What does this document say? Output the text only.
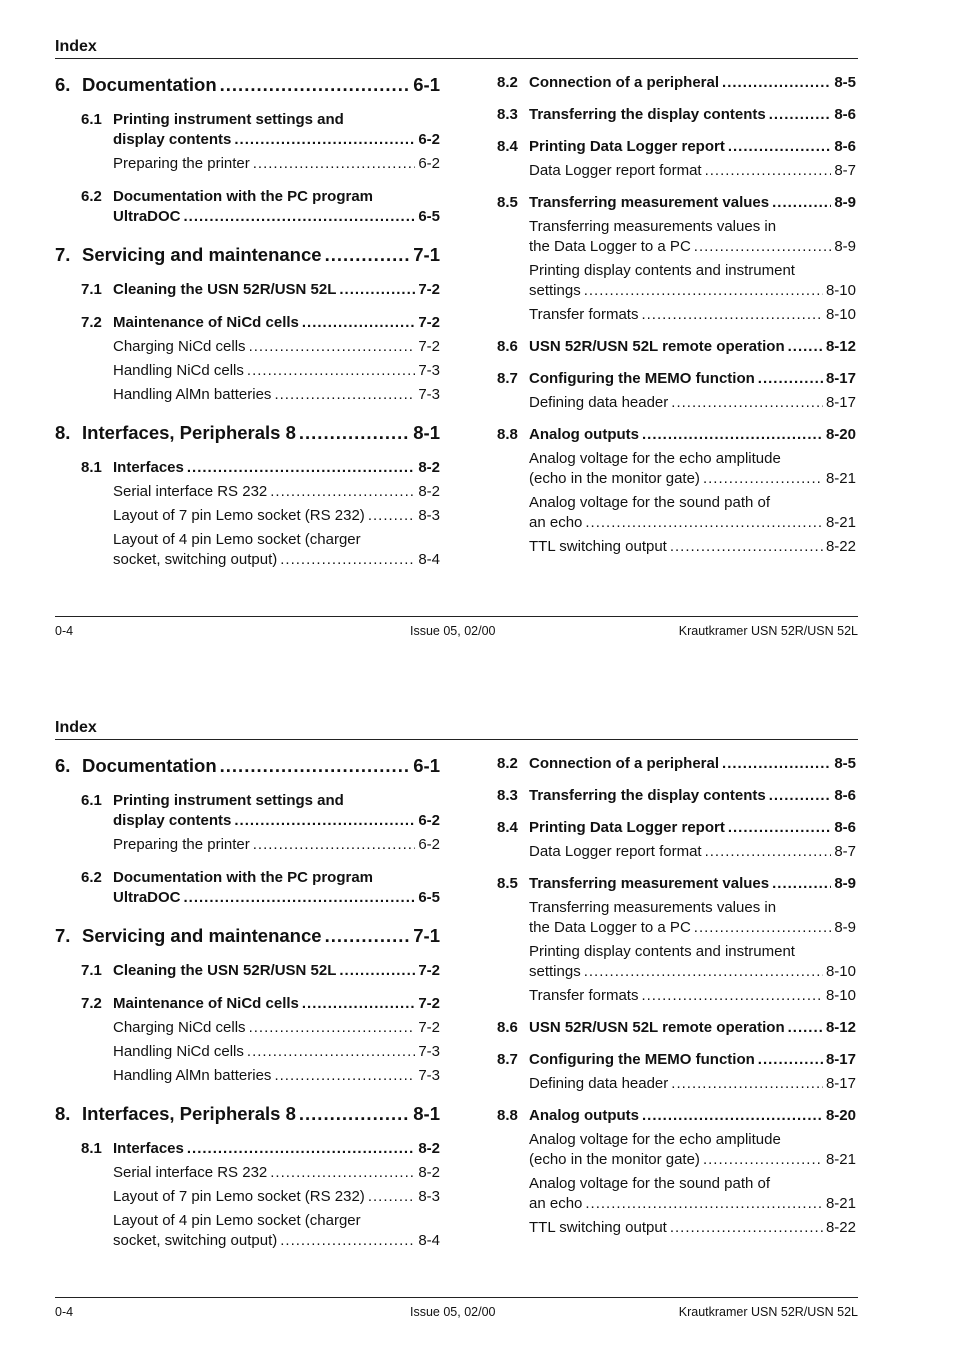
Index
6. Documentation .....	6-1
6.1 Printing instrument settings and
display contents .....	6-2
Preparing the printer .....	6-2
6.2 Documentation with the PC program
UltraDOC .....	6-5
7. Servicing and maintenance .....	7-1
7.1 Cleaning the USN 52R/USN 52L .....	7-2
7.2 Maintenance of NiCd cells .....	7-2
Charging NiCd cells .....	7-2
Handling NiCd cells .....	7-3
Handling AlMn batteries .....	7-3
8. Interfaces, Peripherals 8 .....	8-1
8.1 Interfaces .....	8-2
Serial interface RS 232 .....	8-2
Layout of 7 pin Lemo socket (RS 232) .....	8-3
Layout of 4 pin Lemo socket (charger
socket, switching output) .....	8-4
8.2 Connection of a peripheral .....	8-5
8.3 Transferring the display contents .....	8-6
8.4 Printing Data Logger report .....	8-6
Data Logger report format .....	8-7
8.5 Transferring measurement values .....	8-9
Transferring measurements values in
the Data Logger to a PC .....	8-9
Printing display contents and instrument
settings .....	8-10
Transfer formats .....	8-10
8.6 USN 52R/USN 52L remote operation .....	8-12
8.7 Configuring the MEMO function .....	8-17
Defining data header .....	8-17
8.8 Analog outputs .....	8-20
Analog voltage for the echo amplitude
(echo in the monitor gate) .....	8-21
Analog voltage for the sound path of
an echo .....	8-21
TTL switching output .....	8-22
0-4	Issue 05, 02/00	Krautkramer USN 52R/USN 52L
Index
6. Documentation .....	6-1
6.1 Printing instrument settings and
display contents .....	6-2
Preparing the printer .....	6-2
6.2 Documentation with the PC program
UltraDOC .....	6-5
7. Servicing and maintenance .....	7-1
7.1 Cleaning the USN 52R/USN 52L .....	7-2
7.2 Maintenance of NiCd cells .....	7-2
Charging NiCd cells .....	7-2
Handling NiCd cells .....	7-3
Handling AlMn batteries .....	7-3
8. Interfaces, Peripherals 8 .....	8-1
8.1 Interfaces .....	8-2
Serial interface RS 232 .....	8-2
Layout of 7 pin Lemo socket (RS 232) .....	8-3
Layout of 4 pin Lemo socket (charger
socket, switching output) .....	8-4
8.2 Connection of a peripheral .....	8-5
8.3 Transferring the display contents .....	8-6
8.4 Printing Data Logger report .....	8-6
Data Logger report format .....	8-7
8.5 Transferring measurement values .....	8-9
Transferring measurements values in
the Data Logger to a PC .....	8-9
Printing display contents and instrument
settings .....	8-10
Transfer formats .....	8-10
8.6 USN 52R/USN 52L remote operation .....	8-12
8.7 Configuring the MEMO function .....	8-17
Defining data header .....	8-17
8.8 Analog outputs .....	8-20
Analog voltage for the echo amplitude
(echo in the monitor gate) .....	8-21
Analog voltage for the sound path of
an echo .....	8-21
TTL switching output .....	8-22
0-4	Issue 05, 02/00	Krautkramer USN 52R/USN 52L
